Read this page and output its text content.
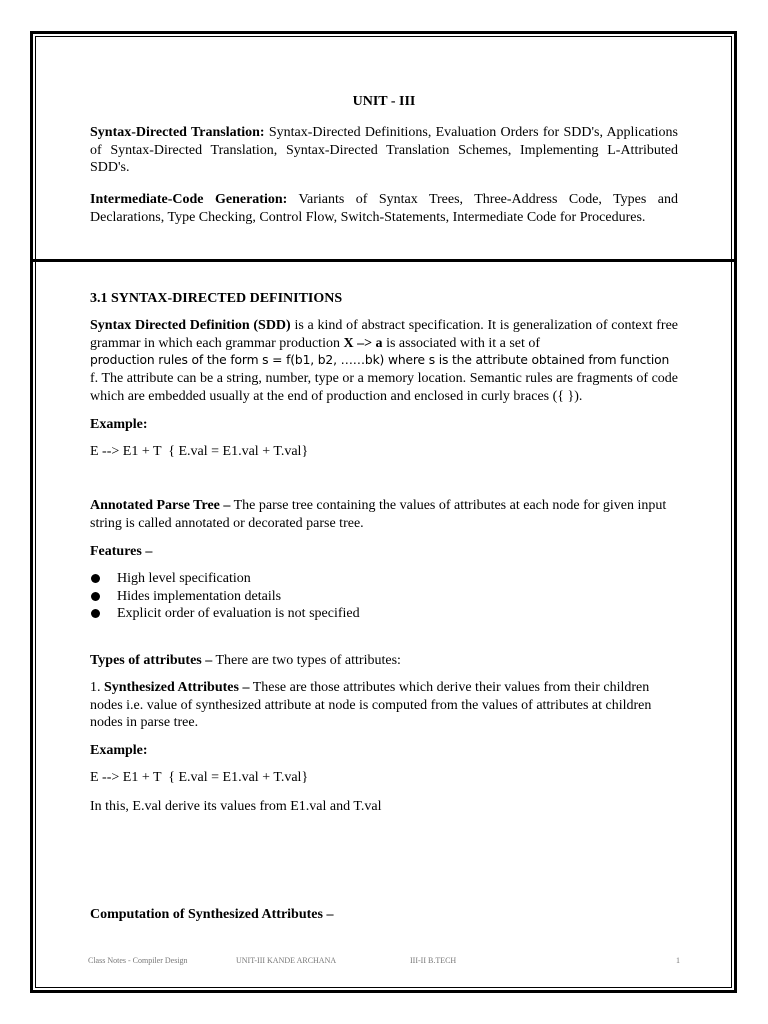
UNIT - III
Syntax-Directed Translation: Syntax-Directed Definitions, Evaluation Orders for SDD's, Applications of Syntax-Directed Translation, Syntax-Directed Translation Schemes, Implementing L-Attributed SDD's.
Intermediate-Code Generation: Variants of Syntax Trees, Three-Address Code, Types and Declarations, Type Checking, Control Flow, Switch-Statements, Intermediate Code for Procedures.
3.1 SYNTAX-DIRECTED DEFINITIONS
Syntax Directed Definition (SDD) is a kind of abstract specification. It is generalization of context free grammar in which each grammar production X –> a is associated with it a set of
production rules of the form s = f(b1, b2, ……bk) where s is the attribute obtained from function
f. The attribute can be a string, number, type or a memory location. Semantic rules are fragments of code which are embedded usually at the end of production and enclosed in curly braces ({ }).
Example:
E --> E1 + T  { E.val = E1.val + T.val}
Annotated Parse Tree – The parse tree containing the values of attributes at each node for given input string is called annotated or decorated parse tree.
Features –
High level specification
Hides implementation details
Explicit order of evaluation is not specified
Types of attributes – There are two types of attributes:
1. Synthesized Attributes – These are those attributes which derive their values from their children nodes i.e. value of synthesized attribute at node is computed from the values of attributes at children nodes in parse tree.
Example:
E --> E1 + T  { E.val = E1.val + T.val}
In this, E.val derive its values from E1.val and T.val
Computation of Synthesized Attributes –
Class Notes - Compiler Design	UNIT-III KANDE ARCHANA	III-II B.TECH	1
